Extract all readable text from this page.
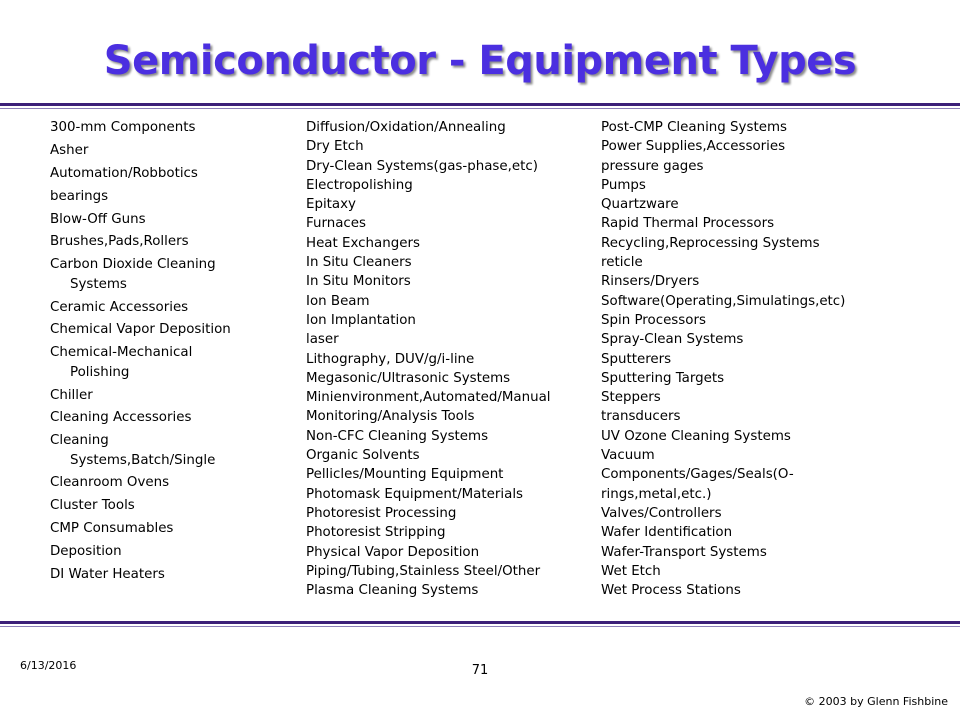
Semiconductor - Equipment Types
300-mm Components
Asher
Automation/Robbotics
bearings
Blow-Off Guns
Brushes,Pads,Rollers
Carbon Dioxide Cleaning
Systems
Ceramic Accessories
Chemical Vapor Deposition
Chemical-Mechanical
Polishing
Chiller
Cleaning Accessories
Cleaning
Systems,Batch/Single
Cleanroom Ovens
Cluster Tools
CMP Consumables
Deposition
DI Water Heaters
Diffusion/Oxidation/Annealing
Dry Etch
Dry-Clean Systems(gas-phase,etc)
Electropolishing
Epitaxy
Furnaces
Heat Exchangers
In Situ Cleaners
In Situ Monitors
Ion Beam
Ion Implantation
laser
Lithography, DUV/g/i-line
Megasonic/Ultrasonic Systems
Minienvironment,Automated/Manual
Monitoring/Analysis Tools
Non-CFC Cleaning Systems
Organic Solvents
Pellicles/Mounting Equipment
Photomask Equipment/Materials
Photoresist Processing
Photoresist Stripping
Physical Vapor Deposition
Piping/Tubing,Stainless Steel/Other
Plasma Cleaning Systems
Post-CMP Cleaning Systems
Power Supplies,Accessories
pressure gages
Pumps
Quartzware
Rapid Thermal Processors
Recycling,Reprocessing Systems
reticle
Rinsers/Dryers
Software(Operating,Simulatings,etc)
Spin Processors
Spray-Clean Systems
Sputterers
Sputtering Targets
Steppers
transducers
UV Ozone Cleaning Systems
Vacuum
Components/Gages/Seals(O-
rings,metal,etc.)
Valves/Controllers
Wafer Identification
Wafer-Transport Systems
Wet Etch
Wet Process Stations
6/13/2016	71
© 2003 by Glenn Fishbine
